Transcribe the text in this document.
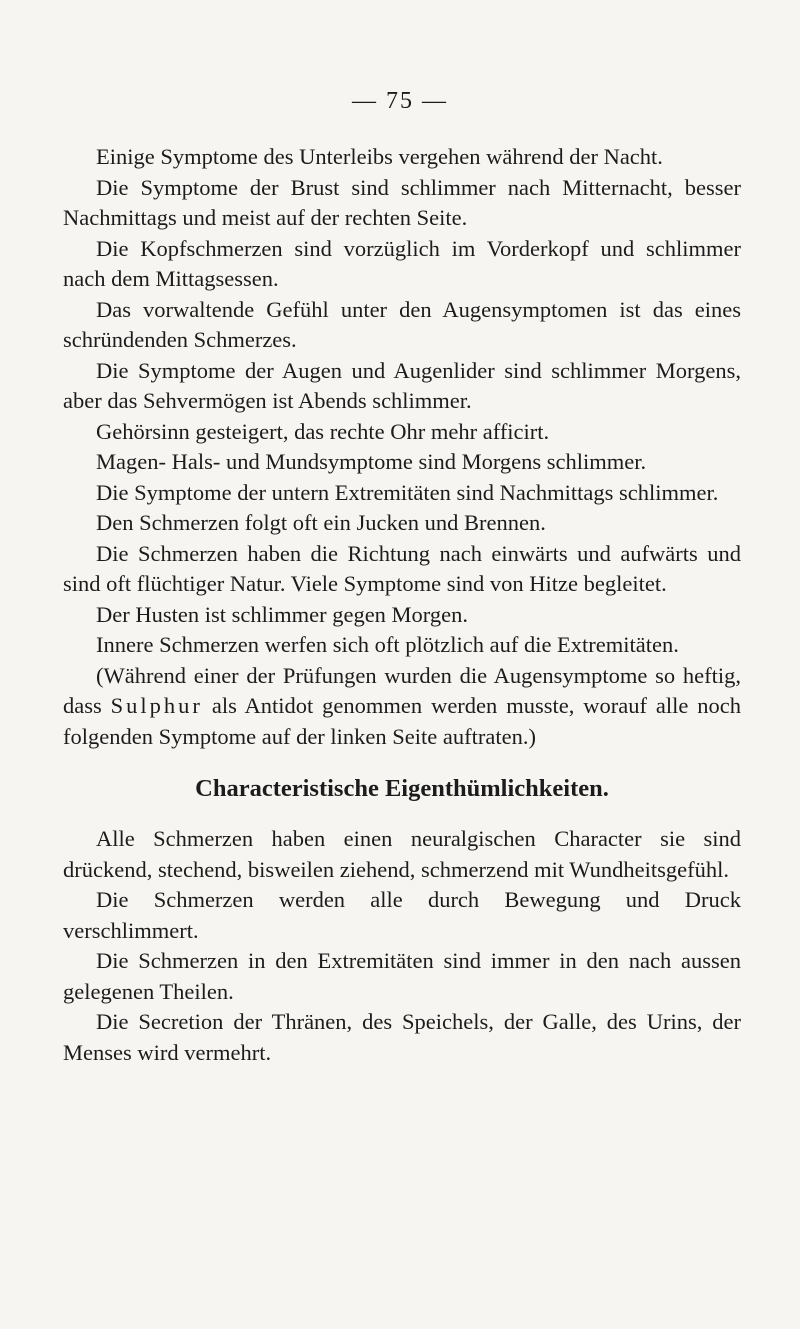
— 75 —

Einige Symptome des Unterleibs vergehen während der Nacht.

Die Symptome der Brust sind schlimmer nach Mitternacht, besser Nachmittags und meist auf der rechten Seite.

Die Kopfschmerzen sind vorzüglich im Vorderkopf und schlimmer nach dem Mittagsessen.

Das vorwaltende Gefühl unter den Augensymptomen ist das eines schründenden Schmerzes.

Die Symptome der Augen und Augenlider sind schlimmer Morgens, aber das Sehvermögen ist Abends schlimmer.

Gehörsinn gesteigert, das rechte Ohr mehr afficirt.

Magen- Hals- und Mundsymptome sind Morgens schlimmer.

Die Symptome der untern Extremitäten sind Nachmittags schlimmer.

Den Schmerzen folgt oft ein Jucken und Brennen.

Die Schmerzen haben die Richtung nach einwärts und aufwärts und sind oft flüchtiger Natur. Viele Symptome sind von Hitze begleitet.

Der Husten ist schlimmer gegen Morgen.

Innere Schmerzen werfen sich oft plötzlich auf die Extremitäten.

(Während einer der Prüfungen wurden die Augensymptome so heftig, dass Sulphur als Antidot genommen werden musste, worauf alle noch folgenden Symptome auf der linken Seite auftraten.)

Characteristische Eigenthümlichkeiten.

Alle Schmerzen haben einen neuralgischen Character sie sind drückend, stechend, bisweilen ziehend, schmerzend mit Wundheitsgefühl.

Die Schmerzen werden alle durch Bewegung und Druck verschlimmert.

Die Schmerzen in den Extremitäten sind immer in den nach aussen gelegenen Theilen.

Die Secretion der Thränen, des Speichels, der Galle, des Urins, der Menses wird vermehrt.
